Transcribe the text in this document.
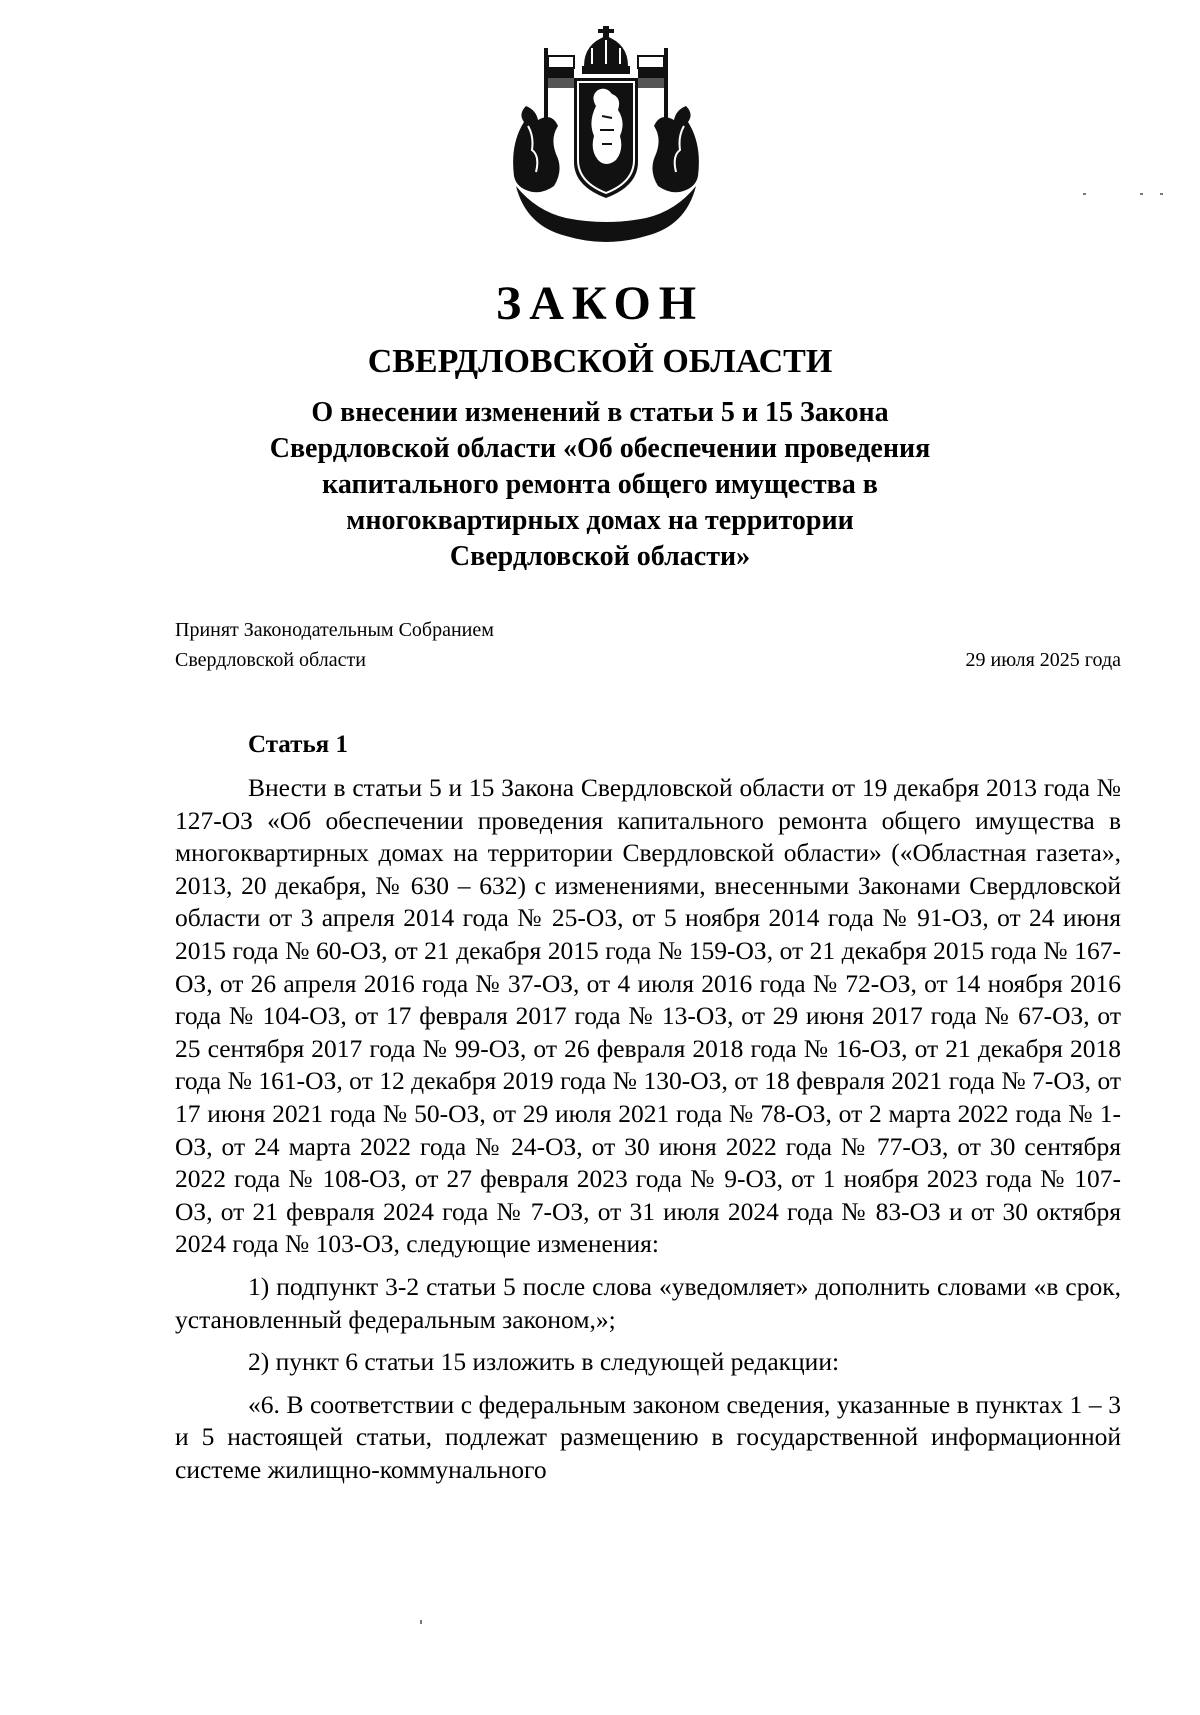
ЗАКОН
СВЕРДЛОВСКОЙ ОБЛАСТИ
О внесении изменений в статьи 5 и 15 Закона
Свердловской области «Об обеспечении проведения
капитального ремонта общего имущества в
многоквартирных домах на территории
Свердловской области»
Принят Законодательным Собранием
Свердловской области	29 июля 2025 года
Статья 1

Внести в статьи 5 и 15 Закона Свердловской области от 19 декабря 2013 года № 127-ОЗ «Об обеспечении проведения капитального ремонта общего имущества в многоквартирных домах на территории Свердловской области» («Областная газета», 2013, 20 декабря, № 630 – 632) с изменениями, внесенными Законами Свердловской области от 3 апреля 2014 года № 25-ОЗ, от 5 ноября 2014 года № 91-ОЗ, от 24 июня 2015 года № 60-ОЗ, от 21 декабря 2015 года № 159-ОЗ, от 21 декабря 2015 года № 167-ОЗ, от 26 апреля 2016 года № 37-ОЗ, от 4 июля 2016 года № 72-ОЗ, от 14 ноября 2016 года № 104-ОЗ, от 17 февраля 2017 года № 13-ОЗ, от 29 июня 2017 года № 67-ОЗ, от 25 сентября 2017 года № 99-ОЗ, от 26 февраля 2018 года № 16-ОЗ, от 21 декабря 2018 года № 161-ОЗ, от 12 декабря 2019 года № 130-ОЗ, от 18 февраля 2021 года № 7-ОЗ, от 17 июня 2021 года № 50-ОЗ, от 29 июля 2021 года № 78-ОЗ, от 2 марта 2022 года № 1-ОЗ, от 24 марта 2022 года № 24-ОЗ, от 30 июня 2022 года № 77-ОЗ, от 30 сентября 2022 года № 108-ОЗ, от 27 февраля 2023 года № 9-ОЗ, от 1 ноября 2023 года № 107-ОЗ, от 21 февраля 2024 года № 7-ОЗ, от 31 июля 2024 года № 83-ОЗ и от 30 октября 2024 года № 103-ОЗ, следующие изменения:

1) подпункт 3-2 статьи 5 после слова «уведомляет» дополнить словами «в срок, установленный федеральным законом,»;

2) пункт 6 статьи 15 изложить в следующей редакции:

«6. В соответствии с федеральным законом сведения, указанные в пунктах 1 – 3 и 5 настоящей статьи, подлежат размещению в государственной информационной системе жилищно-коммунального
